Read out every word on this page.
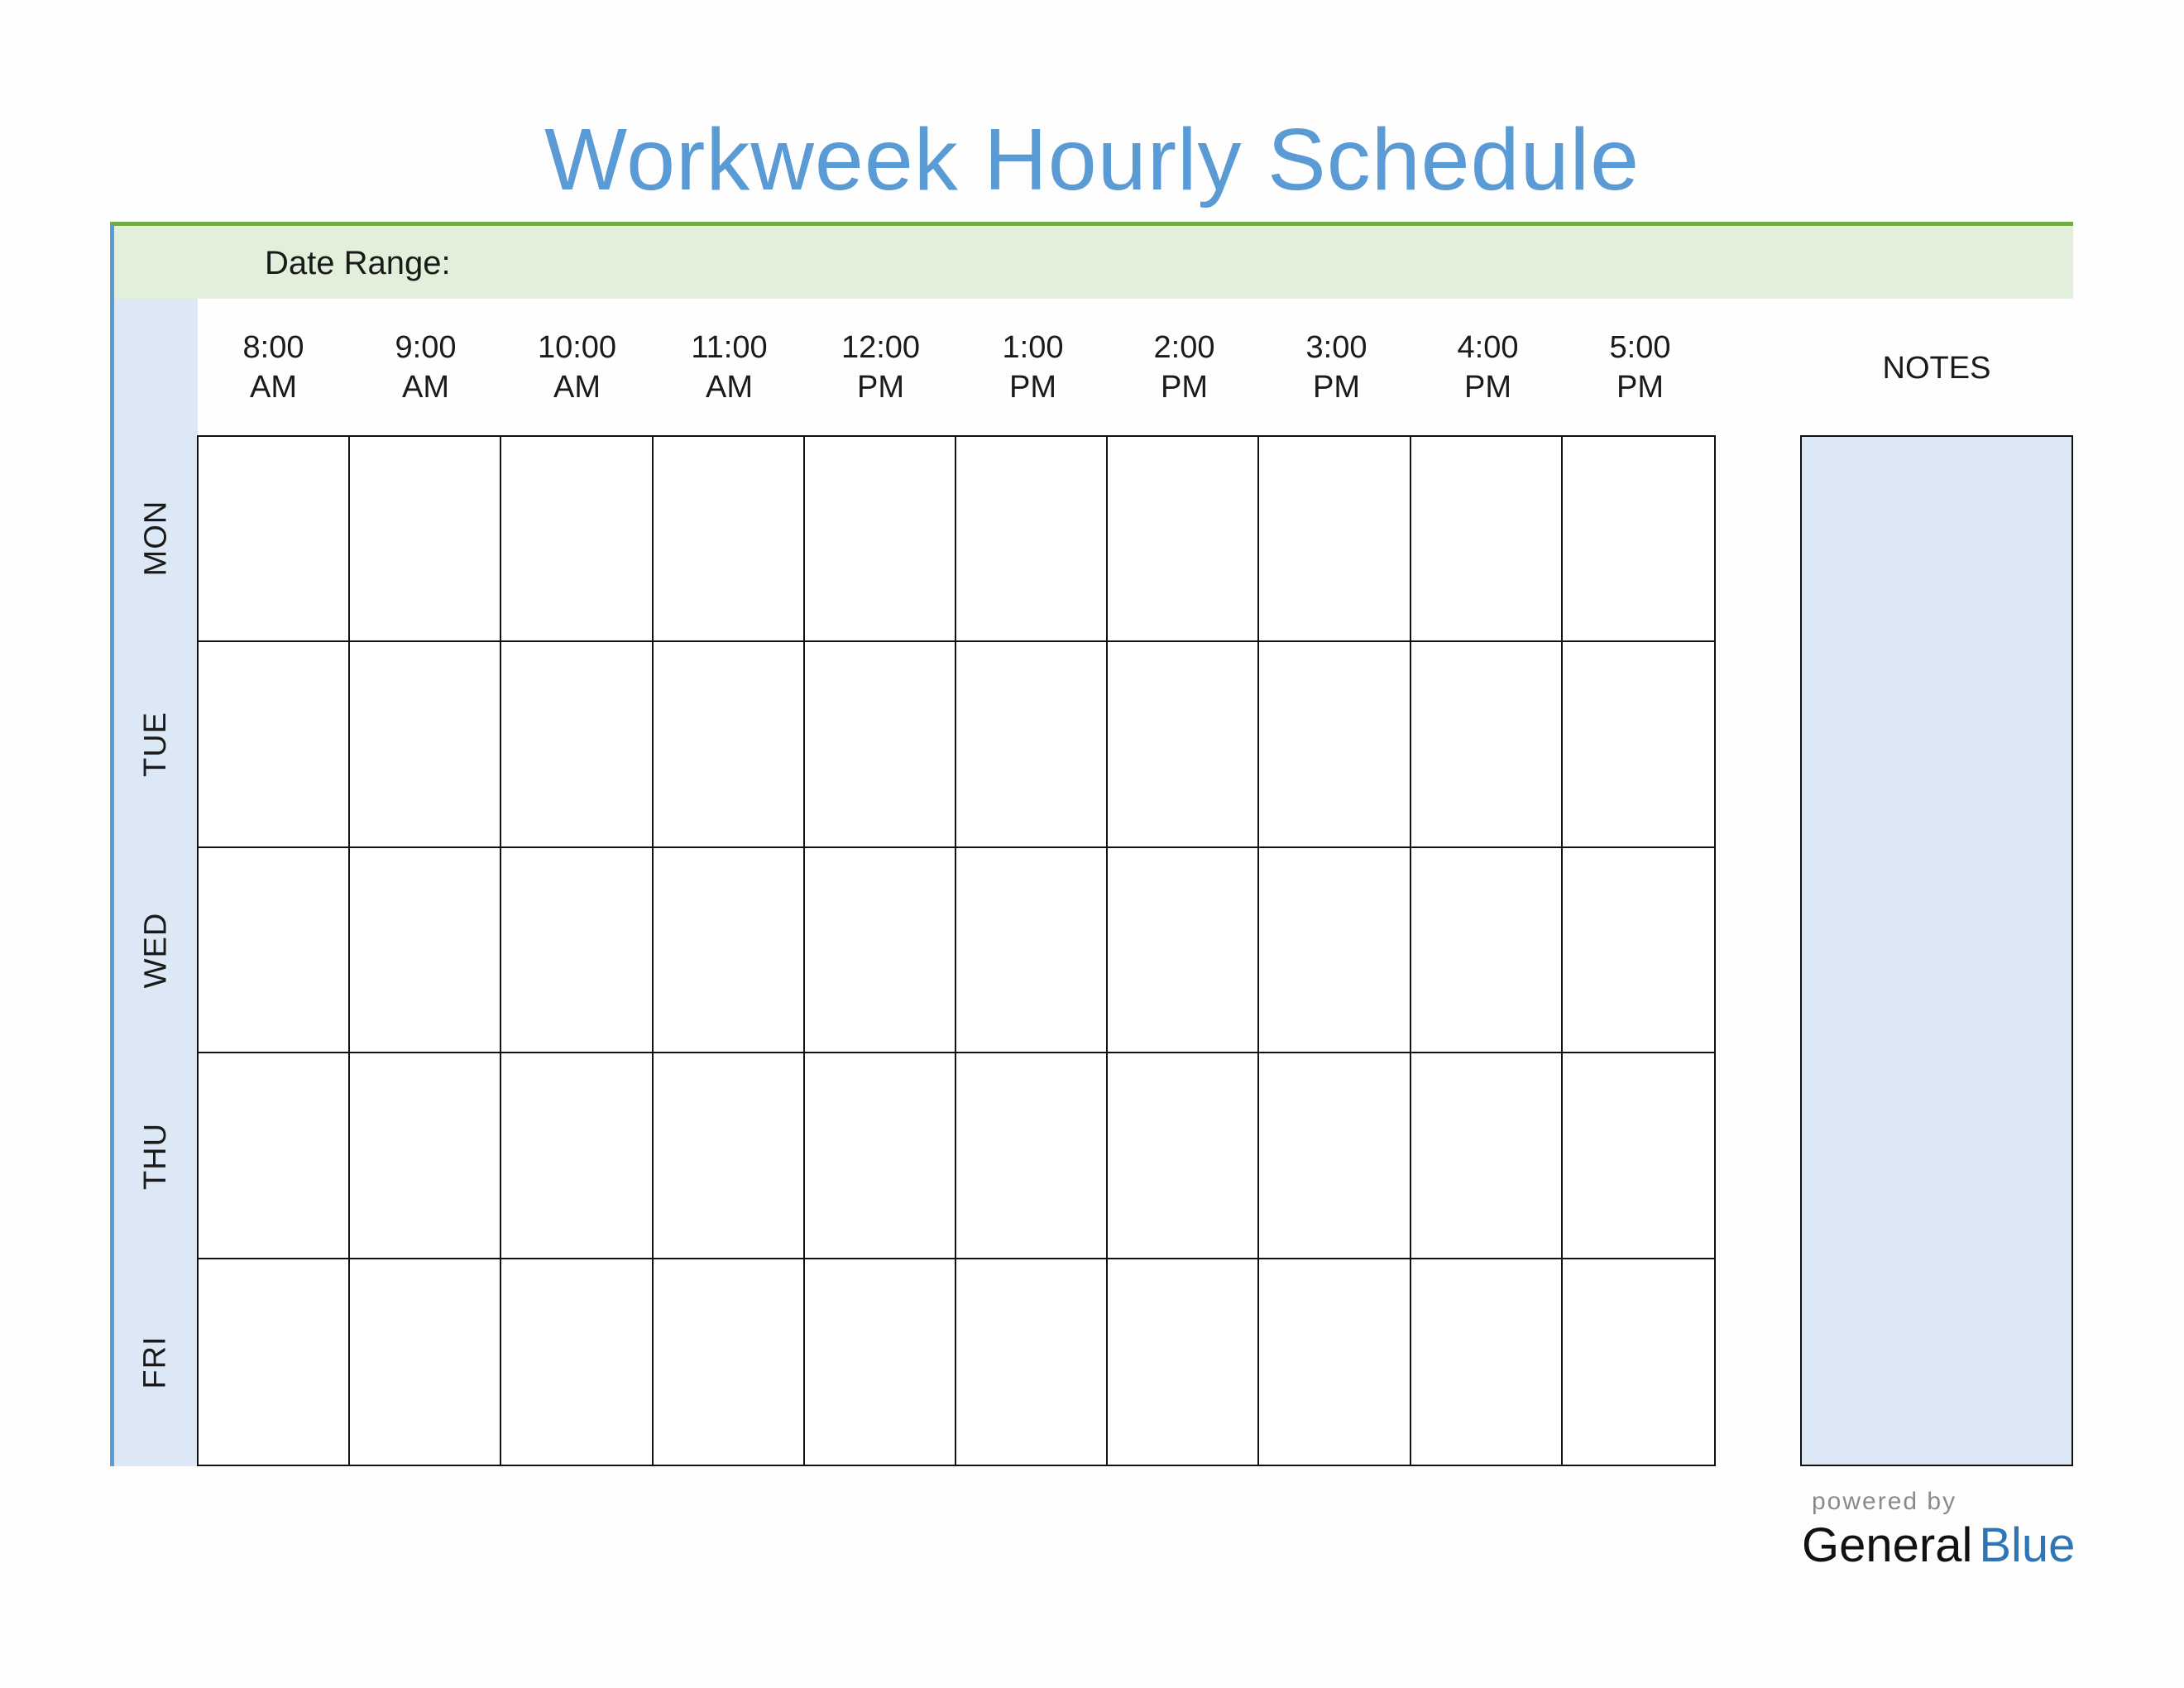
Workweek Hourly Schedule
Date Range:
MON
TUE
WED
THU
FRI
8:00
AM
9:00
AM
10:00
AM
11:00
AM
12:00
PM
1:00
PM
2:00
PM
3:00
PM
4:00
PM
5:00
PM
NOTES
powered by
General Blue
